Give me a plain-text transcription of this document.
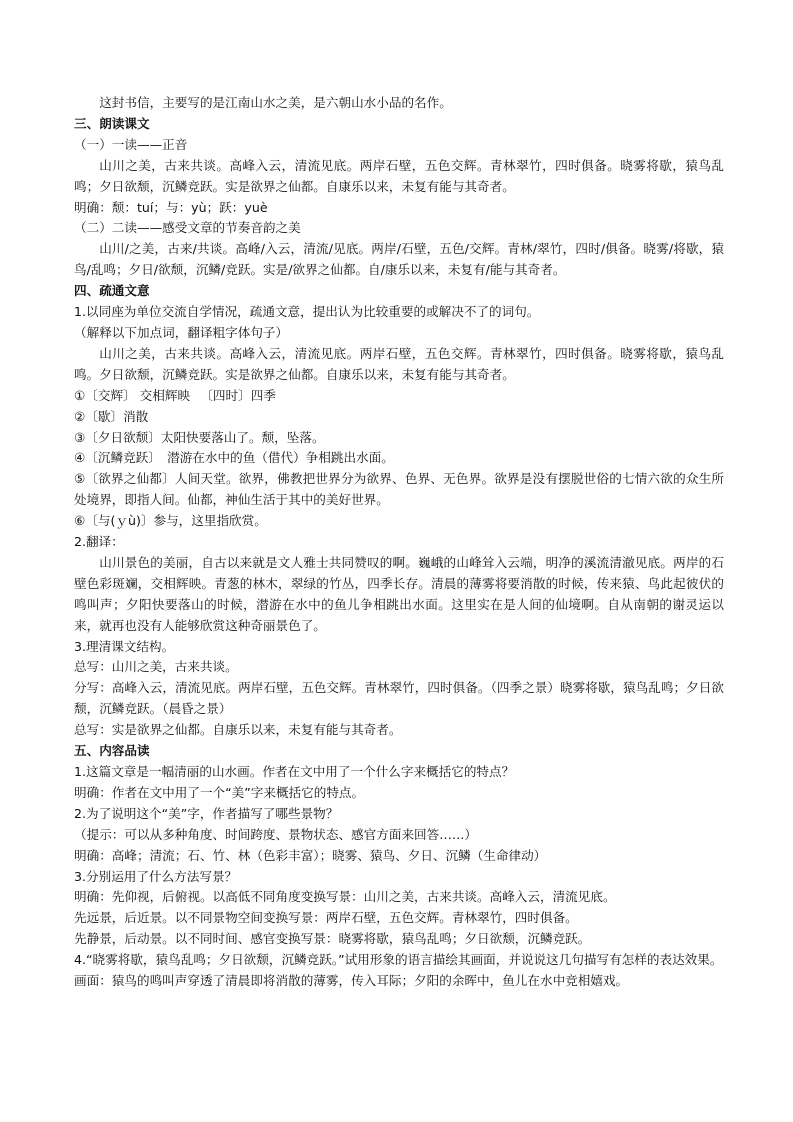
这封书信，主要写的是江南山水之美，是六朝山水小品的名作。

三、朗读课文

（一）一读——正音

山川之美，古来共谈。高峰入云，清流见底。两岸石壁，五色交辉。青林翠竹，四时俱备。晓雾将歇，猿鸟乱鸣；夕日欲颓，沉鳞竞跃。实是欲界之仙都。自康乐以来，未复有能与其奇者。

明确：颓：tuí；与：yù；跃：yuè

（二）二读——感受文章的节奏音韵之美

山川/之美，古来/共谈。高峰/入云，清流/见底。两岸/石壁，五色/交辉。青林/翠竹，四时/俱备。晓雾/将歇，猿鸟/乱鸣；夕日/欲颓，沉鳞/竞跃。实是/欲界之仙都。自/康乐以来，未复有/能与其奇者。

四、疏通文意

1.以同座为单位交流自学情况，疏通文意，提出认为比较重要的或解决不了的词句。

（解释以下加点词，翻译粗字体句子）

山川之美，古来共谈。高峰入云，清流见底。两岸石壁，五色交辉。青林翠竹，四时俱备。晓雾将歇，猿鸟乱鸣。夕日欲颓，沉鳞竞跃。实是欲界之仙都。自康乐以来，未复有能与其奇者。

①〔交辉〕 交相辉映 　〔四时〕四季

②〔歇〕消散

③〔夕日欲颓〕太阳快要落山了。颓，坠落。

④〔沉鳞竞跃〕　潜游在水中的鱼（借代）争相跳出水面。

⑤〔欲界之仙都〕人间天堂。欲界，佛教把世界分为欲界、色界、无色界。欲界是没有摆脱世俗的七情六欲的众生所处境界，即指人间。仙都，神仙生活于其中的美好世界。

⑥〔与(ｙù)〕参与，这里指欣赏。

2.翻译：

山川景色的美丽，自古以来就是文人雅士共同赞叹的啊。巍峨的山峰耸入云端，明净的溪流清澈见底。两岸的石壁色彩斑斓，交相辉映。青葱的林木，翠绿的竹丛，四季长存。清晨的薄雾将要消散的时候，传来猿、鸟此起彼伏的鸣叫声；夕阳快要落山的时候，潜游在水中的鱼儿争相跳出水面。这里实在是人间的仙境啊。自从南朝的谢灵运以来，就再也没有人能够欣赏这种奇丽景色了。

3.理清课文结构。

总写：山川之美，古来共谈。

分写：高峰入云，清流见底。两岸石壁，五色交辉。青林翠竹，四时俱备。（四季之景）晓雾将歇，猿鸟乱鸣；夕日欲颓，沉鳞竞跃。（晨昏之景）

总写：实是欲界之仙都。自康乐以来，未复有能与其奇者。

五、内容品读

1.这篇文章是一幅清丽的山水画。作者在文中用了一个什么字来概括它的特点？

明确：作者在文中用了一个“美”字来概括它的特点。

2.为了说明这个“美”字，作者描写了哪些景物？

（提示：可以从多种角度、时间跨度、景物状态、感官方面来回答……）

明确：高峰；清流；石、竹、林（色彩丰富）；晓雾、猿鸟、夕日、沉鳞（生命律动）

3.分别运用了什么方法写景？

明确：先仰视，后俯视。以高低不同角度变换写景：山川之美，古来共谈。高峰入云，清流见底。

先远景，后近景。以不同景物空间变换写景：两岸石壁，五色交辉。青林翠竹，四时俱备。

先静景，后动景。以不同时间、感官变换写景：晓雾将歇，猿鸟乱鸣；夕日欲颓，沉鳞竞跃。

4.“晓雾将歇，猿鸟乱鸣；夕日欲颓，沉鳞竞跃。”试用形象的语言描绘其画面，并说说这几句描写有怎样的表达效果。

画面：猿鸟的鸣叫声穿透了清晨即将消散的薄雾，传入耳际；夕阳的余晖中，鱼儿在水中竞相嬉戏。
